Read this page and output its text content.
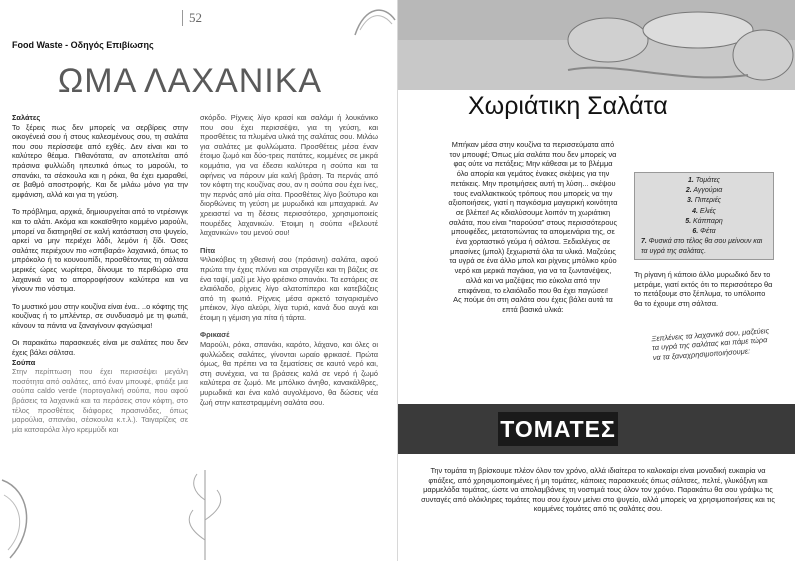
52
Food Waste - Οδηγός Επιβίωσης
ΩΜΑ ΛΑΧΑΝΙΚΑ
Σαλάτες
Το ξέρεις πως δεν μπορείς να σερβίρεις στην οικογένειά σου ή στους καλεσμένους σου, τη σαλάτα που σου περίσσεψε από εχθές. Δεν είναι και το καλύτερο θέαμα. Πιθανότατα, αν αποτελείται από πράσινα φυλλώδη ηπευτικά όπως το μαρούλι, το σπανάκι, τα σέσκουλα και η ρόκα, θα έχει εμαραθεί, σε βαθμό αποστροφής. Και δε μιλάω μόνο για την εμφάνιση, αλλά και για τη γεύση.
Το πρόβλημα, αρχικά, δημιουργείται από το ντρέσινγκ και το αλάτι. Ακόμα και κοκαϊσθητο κομμένο μαρούλι, μπορεί να διατηρηθεί σε καλή κατάσταση στο ψυγείο, αρκεί να μην περιέχει λάδι, λεμόνι ή ξίδι. Όσες σαλάτες περιέχουν πιο «σπιβαρά» λαχανικά, όπως το μπρόκολο ή το κουνουπίδι, προσθέτοντας τη σάλτσα μερικές ώρες νωρίτερα, δίνουμε το περιθώριο στα λαχανικά να το απορροφήσουν καλύτερα και να γίνουν πιο νόστιμα.
Το μυστικό μου στην κουζίνα είναι ένα.. ..ο κόφτης της κουζίνας ή το μπλέντερ, σε συνδυασμό με τη φωτιά, κάνουν τα πάντα να ξαναγίνουν φαγώσιμα!
Οι παρακάτω παρασκευές είναι με σαλάτες που δεν έχεις βάλει σάλτσα.
Σούπα
Στην περίπτωση που έχει περισσέψει μεγάλη ποσότητα από σαλάτες, από έναν μπουφέ, φτιάξε μια σούπα caldo verde (πορτογαλική σούπα, που αφού βράσεις τα λαχανικά και τα περάσεις στον κόφτη, στο τέλος προσθέτεις διάφορες πρασινάδες, όπως μαρούλια, σπανάκι, σέσκουλα κ.τ.λ.). Ταιγαρίζεις σε μία κατσαρόλα λίγο κρεμμύδι και
σκόρδο. Ρίχνεις λίγο κρασί και σαλάμι ή λουκάνικο που σου έχει περισσέψει, για τη γεύση, και προσθέτεις τα πλυμένα υλικά της σαλάτας σου. Μιλάω για σαλάτες με φυλλώματα. Προσθέτεις μέσα έναν έτοιμο ζωμό και δύο-τρεις πατάτες, κομμένες σε μικρά κομμάτια, για να έδεσει καλύτερα η σούπα και τα αφήνεις να πάρουν μία καλή βράση. Τα περνάς από τον κόφτη της κουζίνας σου, αν η σούπα σου έχει ίνες, την περνάς από μία σίτα. Προσθέτεις λίγο βούτυρο και διορθώνεις τη γεύση με μυρωδικά και μπαχαρικά. Αν χρειαστεί να τη δέσεις περισσότερο, χρησιμοποιείς πουρέδες λαχανικών. Έτοιμη η σούπα «βελουτέ λαχανικών» του μενού σου!
Πίτα
Ψιλοκόβεις τη χθεσινή σου (πράσινη) σαλάτα, αφού πρώτα την έχεις πλύνει και στραγγίξει και τη βάζεις σε ένα ταψί, μαζί με λίγο φρέσκο σπανάκι. Τα εστάρεις σε ελαιόλαδο, ρίχνεις λίγο αλατοπίπερο και κατεβάζεις από τη φωτιά. Ρίχνεις μέσα αρκετό τσιγαρισμένο μπέικον, λίγο αλεύρι, λίγα τυριά, κανά δυο αυγά και έτοιμη η γέμιση για πίτα ή τάρτα.
Φρικασέ
Μαρούλι, ρόκα, σπανάκι, καρότο, λάχανο, και όλες οι φυλλώδεις σαλάτες, γίνονται ωραίο φρικασέ. Πρώτα όμως, θα πρέπει να τα ξεματίσεις σε καυτό νερό και, στη συνέχεια, να τα βράσεις καλά σε νερό ή ζωμό καλύτερα σε ζωμό. Με μπόλικο άνηθο, κανακάλθρες, μυρωδικά και ένα καλό αυγολέμονο, θα δώσεις νέα ζωή στην κατεστραμμένη σαλάτα σου.
Χωριάτικη Σαλάτα
Μπήκαν μέσα στην κουζίνα τα περισσεύματα από τον μπουφέ; Όπως μία σαλάτα που δεν μπορείς να φας ούτε να πετάξεις; Μην κάθεσαι με το βλέμμα όλο απορία και γεμάτος ένακες σκέψεις για την πετάκεις. Μην προτιμήσεις αυτή τη λύση... σκέψου τους εναλλακτικούς τρόπους που μπορείς να την αξιοποιήσεις, γιατί η παγκόσμια μαγειρική κοινότητα σε βλέπει! Ας κδιαλύσουμε λοιπόν τη χωριάτικη σαλάτα, που είναι "παρούσα" στους περισσότερους μπουφέδες, μετατοπώντας τα απομεινάρια της, σε ένα χορταστικό γεύμα ή σάλτσα. Ξεδιαλέγεις σε μπασίνες (μπολ) ξεχωριστά όλα τα υλικά. Μαζεύεις τα υγρά σε ένα άλλο μπολ και ρίχνεις μπόλικο κρύο νερό και μερικά παγάκια, για να τα ξωντανέψεις, αλλά και να μαζέψεις πιο εύκολα από την επιφάνεια, το ελαιόλαδο που θα έχει παγώσει!
Ας πούμε ότι στη σαλάτα σου έχεις βάλει αυτά τα επτά βασικά υλικά:
1. Τομάτες
2. Αγγούρια
3. Πιπεριές
4. Ελιές
5. Κάππαρη
6. Φέτα
7. Φυσικά στο τέλος θα σου μείνουν και τα υγρά της σαλάτας.
Τη ρίγανη ή κάποιο άλλο μυρωδικό δεν το μετράμε, γιατί εκτός ότι το περισσότερο θα το πετάξουμε στο ξέπλυμα, το υπόλοιπο θα το έχουμε στη σάλτσα.
Ξεπλένεις τα λαχανικά σου, μαζεύεις τα υγρά της σαλάτας και πάμε τώρα να τα ξαναχρησιμοποιήσουμε:
ΤΟΜΑΤΕΣ
Την τομάτα τη βρίσκουμε πλέον όλον τον χρόνο, αλλά ιδιαίτερα το καλοκαίρι είναι μοναδική ευκαιρία να φτιάξεις, από χρησιμοποιημένες ή μη τομάτες, κάποιες παρασκευές όπως σάλτσες, πελτέ, γλυκόξινη και μαρμελάδα τομάτας, ώστε να απολαμβάνεις τη νοστιμιά τους όλον τον χρόνο. Παρακάτω θα σου γράψω τις συνταγές από ολόκληρες τομάτες που σου έχουν μείνει στο ψυγείο, αλλά μπορείς να χρησιμοποιήσεις και τις κομμένες τομάτες από τις σαλάτες σου.
